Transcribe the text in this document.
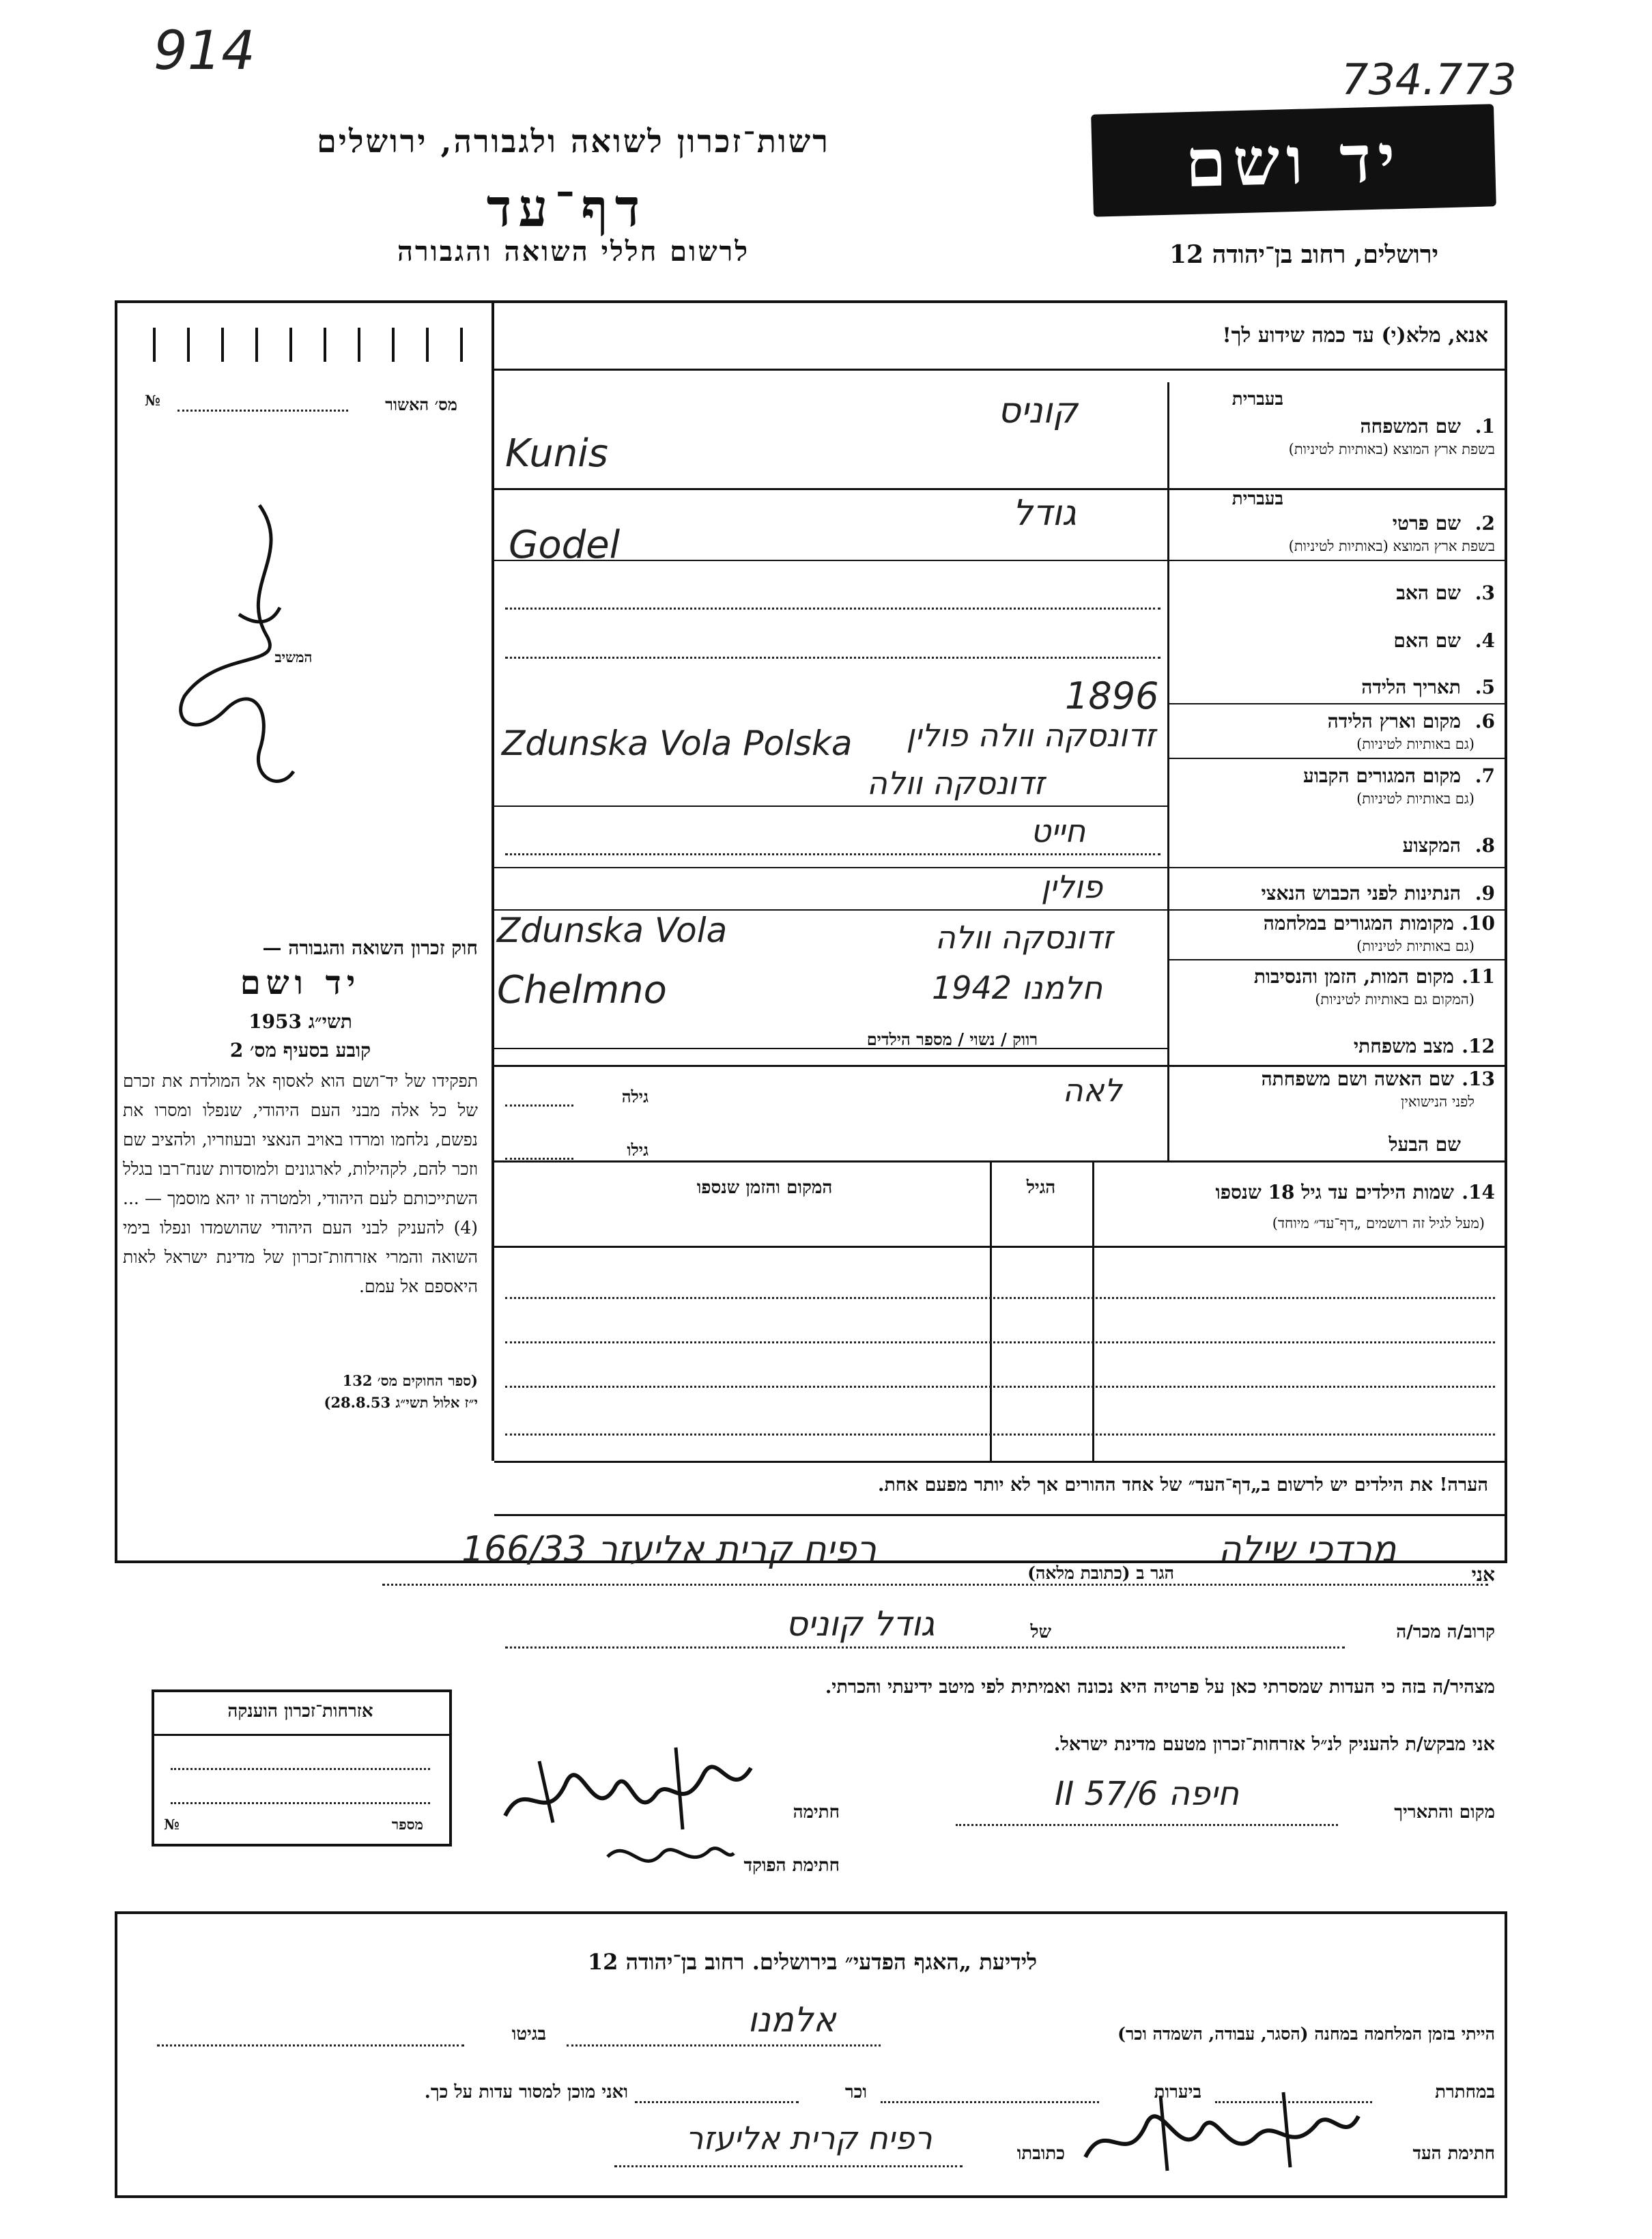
914	734.773
רשות־זכרון לשואה ולגבורה, ירושלים
דף־עד
לרשום חללי השואה והגבורה
יד ושם
ירושלים, רחוב בן־יהודה 12
אנא, מלא(י) עד כמה שידוע לך!
מס׳ האשור
№
המשיב
חוק זכרון השואה והגבורה —
יד ושם
תשי״ג 1953
קובע בסעיף מס׳ 2
תפקידו של יד־ושם הוא לאסוף אל המולדת את זכרם של כל אלה מבני העם היהודי, שנפלו ומסרו את נפשם, נלחמו ומרדו באויב הנאצי ובעוזריו, ולהציב שם וזכר להם, לקהילות, לארגונים ולמוסדות שנח־רבו בגלל השתייכותם לעם היהודי, ולמטרה זו יהא מוסמך — ...(4) להעניק לבני העם היהודי שהושמדו ונפלו בימי השואה והמרי אזרחות־זכרון של מדינת ישראל לאות היאספם אל עמם.
(ספר החוקים מס׳ 132
י״ז אלול תשי״ג 28.8.53)
בעברית
1.
שם המשפחה
בשפת ארץ המוצא (באותיות לטיניות)
קוניס
Kunis
בעברית
2.
שם פרטי
בשפת ארץ המוצא (באותיות לטיניות)
גודל
Godel
3.
שם האב
4.
שם האם
5.
תאריך הלידה
1896
6.
מקום וארץ הלידה
(גם באותיות לטיניות)
זדונסקה וולה פולין
Zdunska Vola Polska
7.
מקום המגורים הקבוע
(גם באותיות לטיניות)
זדונסקה וולה
8.
המקצוע
חייט
9.
הנתינות לפני הכבוש הנאצי
פולין
10.
מקומות המגורים במלחמה
(גם באותיות לטיניות)
זדונסקה וולה
Zdunska Vola
11.
מקום המות, הזמן והנסיבות
(המקום גם באותיות לטיניות)
חלמנו 1942
Chelmno
12.
מצב משפחתי
רווק / נשוי / מספר הילדים
13.
שם האשה ושם משפחתה
לפני הנישואין
לאה
גילה
שם הבעל
גילו
14.
שמות הילדים עד גיל 18 שנספו
(מעל לגיל זה רושמים „דף־עד״ מיוחד)
הגיל
המקום והזמן שנספו
הערה! את הילדים יש לרשום ב„דף־העד״ של אחד ההורים אך לא יותר מפעם אחת.
אני
מרדכי שילה
הגר ב (כתובת מלאה)
רפיח קרית אליעזר 166/33
קרוב/ה מכר/ה
של
גודל קוניס
מצהיר/ה בזה כי העדות שמסרתי כאן על פרטיה היא נכונה ואמיתית לפי מיטב ידיעתי והכרתי.
אני מבקש/ת להעניק לנ״ל אזרחות־זכרון מטעם מדינת ישראל.
מקום והתאריך
חיפה 6/II 57
חתימה
חתימת הפוקד
אזרחות־זכרון הוענקה
מספר
№
לידיעת „האגף הפדעי״ בירושלים. רחוב בן־יהודה 12
הייתי בזמן המלחמה במחנה (הסגר, עבודה, השמדה וכר)
אלמנו
בגיטו
במחתרת
ביערות
וכר
ואני מוכן למסור עדות על כך.
חתימת העד
כתובתו
רפיח קרית אליעזר
